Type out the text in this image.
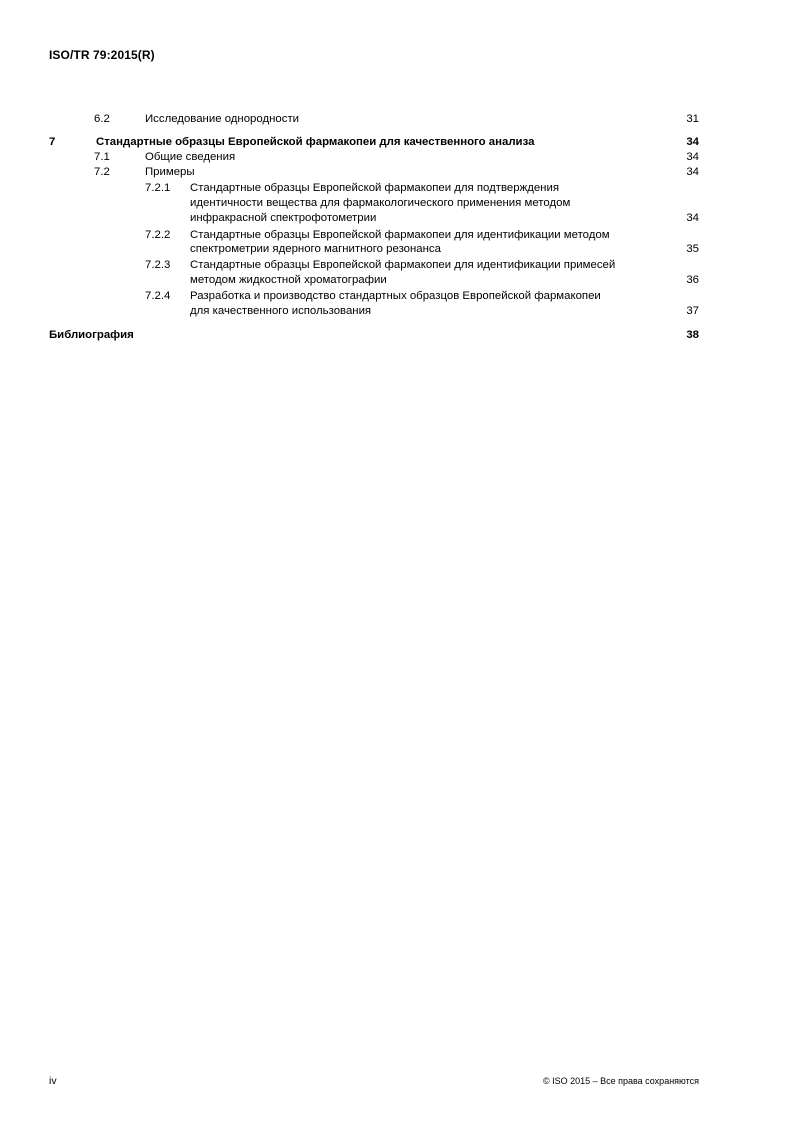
ISO/TR 79:2015(R)
6.2	Исследование однородности	31
7	Стандартные образцы Европейской фармакопеи для качественного анализа	34
7.1	Общие сведения	34
7.2	Примеры	34
7.2.1 Стандартные образцы Европейской фармакопеи для подтверждения
идентичности вещества для фармакологического применения методом
инфракрасной спектрофотометрии	34
7.2.2 Стандартные образцы Европейской фармакопеи для идентификации методом
спектрометрии ядерного магнитного резонанса	35
7.2.3 Стандартные образцы Европейской фармакопеи для идентификации примесей
методом жидкостной хроматографии	36
7.2.4 Разработка и производство стандартных образцов Европейской фармакопеи
для качественного использования	37
Библиография	38
iv	© ISO 2015 – Все права сохраняются
